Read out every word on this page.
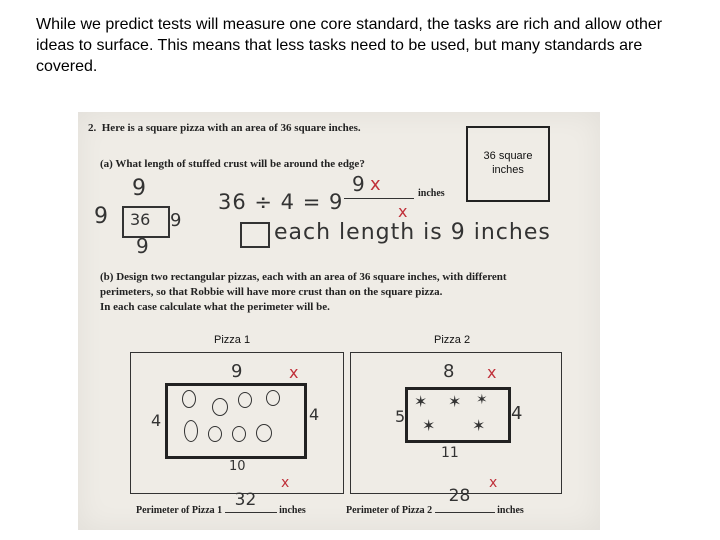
While we predict tests will measure one core standard, the tasks are rich and allow other ideas to surface. This means that less tasks need to be used, but many standards are covered.
2. Here is a square pizza with an area of 36 square inches.
(a) What length of stuffed crust will be around the edge?
36 square
inches
9
9	9
9
36
36 ÷ 4 = 9
9 x	inches
x
each length is 9 inches
(b) Design two rectangular pizzas, each with an area of 36 square inches, with different perimeters, so that Robbie will have more crust than on the square pizza.
In each case calculate what the perimeter will be.
Pizza 1
9	x
4	4
10
x
Pizza 2
8 x
5	4
✶ ✶ ✶
✶ ✶
11
x
Perimeter of Pizza 1
32
inches	Perimeter of Pizza 2
28
inches
